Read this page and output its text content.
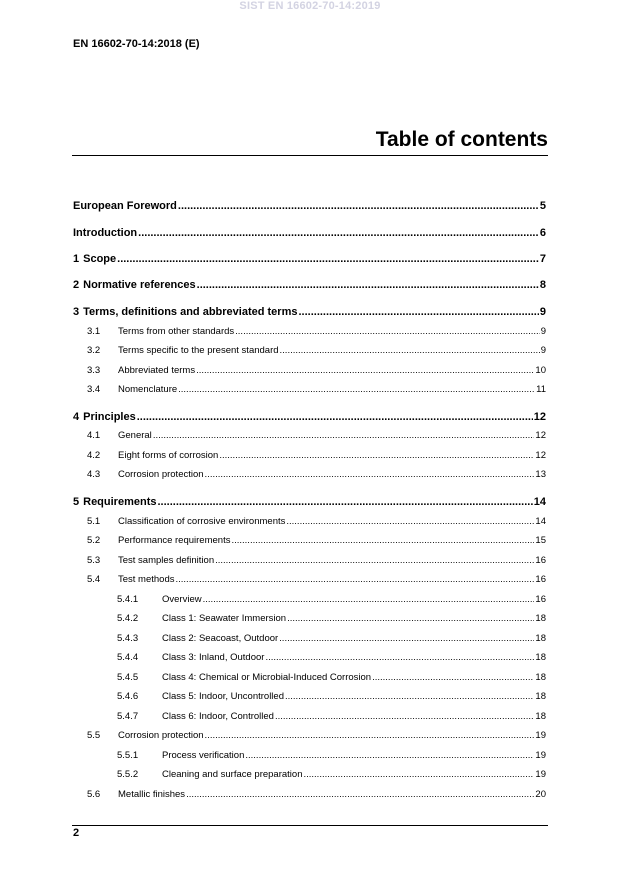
SIST EN 16602-70-14:2019
EN 16602-70-14:2018 (E)
Table of contents
European Foreword .....	5
Introduction .....	6
1 Scope .....	7
2 Normative references .....	8
3 Terms, definitions and abbreviated terms .....	9
3.1	Terms from other standards .....	9
3.2	Terms specific to the present standard .....	9
3.3	Abbreviated terms .....	10
3.4	Nomenclature .....	11
4 Principles .....	12
4.1	General .....	12
4.2	Eight forms of corrosion .....	12
4.3	Corrosion protection .....	13
5 Requirements .....	14
5.1	Classification of corrosive environments .....	14
5.2	Performance requirements .....	15
5.3	Test samples definition .....	16
5.4	Test methods .....	16
5.4.1	Overview .....	16
5.4.2	Class 1: Seawater Immersion .....	18
5.4.3	Class 2: Seacoast, Outdoor .....	18
5.4.4	Class 3: Inland, Outdoor .....	18
5.4.5	Class 4: Chemical or Microbial-Induced Corrosion .....	18
5.4.6	Class 5: Indoor, Uncontrolled .....	18
5.4.7	Class 6: Indoor, Controlled .....	18
5.5	Corrosion protection .....	19
5.5.1	Process verification .....	19
5.5.2	Cleaning and surface preparation .....	19
5.6	Metallic finishes .....	20
2
